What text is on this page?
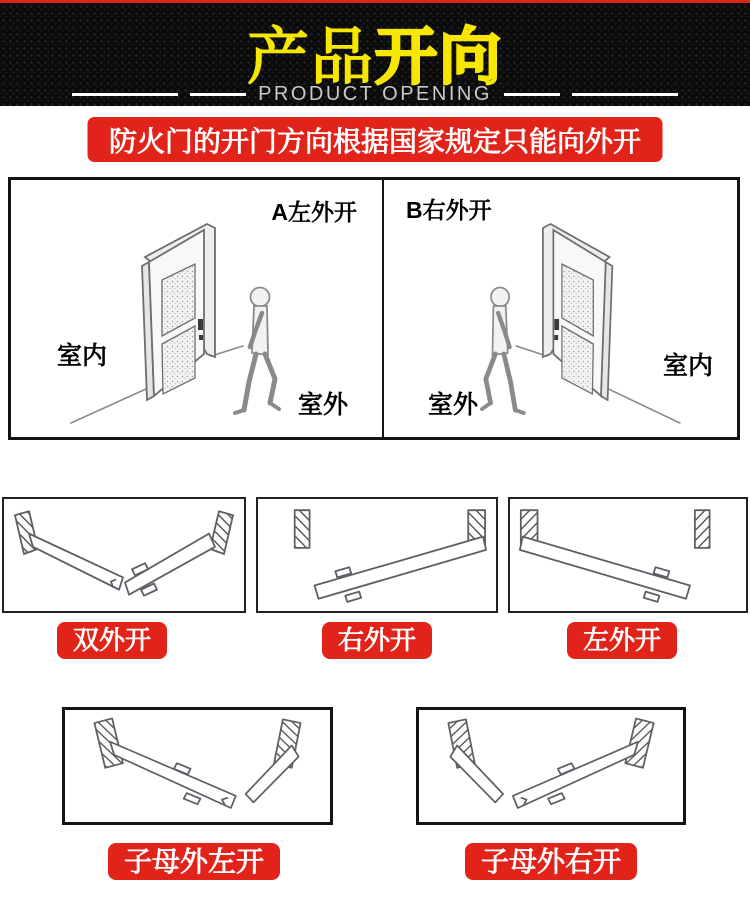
产品开向
PRODUCT OPENING
防火门的开门方向根据国家规定只能向外开
A左外开
室内
室外
B右外开
室外
室内
双外开	右外开	左外开
子母外左开	子母外右开
